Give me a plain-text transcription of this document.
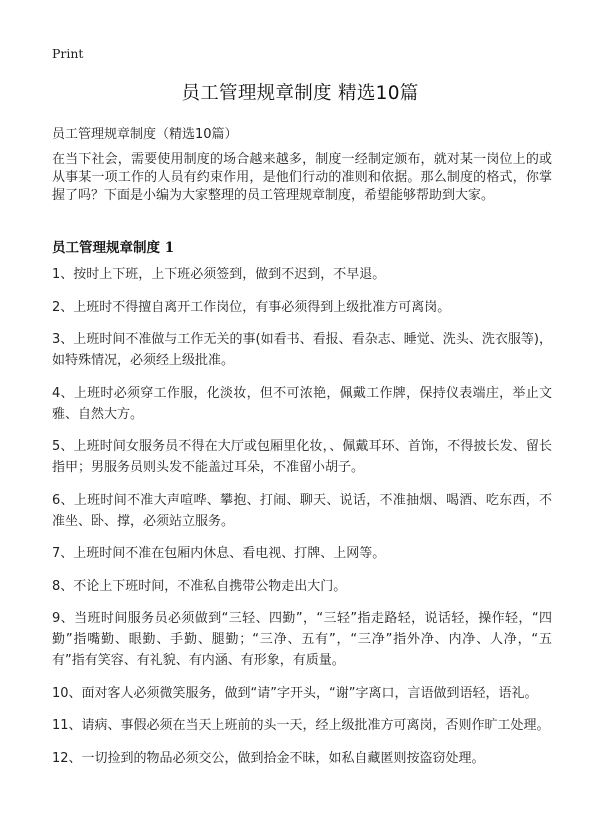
Print
员工管理规章制度 精选10篇
员工管理规章制度（精选10篇）

在当下社会，需要使用制度的场合越来越多，制度一经制定颁布，就对某一岗位上的或从事某一项工作的人员有约束作用，是他们行动的准则和依据。那么制度的格式，你掌握了吗？下面是小编为大家整理的员工管理规章制度，希望能够帮助到大家。

员工管理规章制度 1
1、按时上下班，上下班必须签到，做到不迟到，不早退。
2、上班时不得擅自离开工作岗位，有事必须得到上级批准方可离岗。
3、上班时间不准做与工作无关的事(如看书、看报、看杂志、睡觉、洗头、洗衣服等)，如特殊情况，必须经上级批准。
4、上班时必须穿工作服，化淡妆，但不可浓艳，佩戴工作牌，保持仪表端庄，举止文雅、自然大方。
5、上班时间女服务员不得在大厅或包厢里化妆，、佩戴耳环、首饰，不得披长发、留长指甲；男服务员则头发不能盖过耳朵，不准留小胡子。
6、上班时间不准大声喧哗、攀抱、打闹、聊天、说话，不准抽烟、喝酒、吃东西，不准坐、卧、撑，必须站立服务。
7、上班时间不准在包厢内休息、看电视、打牌、上网等。
8、不论上下班时间，不准私自携带公物走出大门。
9、当班时间服务员必须做到“三轻、四勤”，“三轻”指走路轻，说话轻，操作轻，“四勤”指嘴勤、眼勤、手勤、腿勤；“三净、五有”，“三净”指外净、内净、人净，“五有”指有笑容、有礼貌、有内涵、有形象，有质量。
10、面对客人必须微笑服务，做到“请”字开头，“谢”字离口，言语做到语轻，语礼。
11、请病、事假必须在当天上班前的头一天，经上级批准方可离岗，否则作旷工处理。
12、一切捡到的物品必须交公，做到拾金不昧，如私自藏匿则按盗窃处理。
